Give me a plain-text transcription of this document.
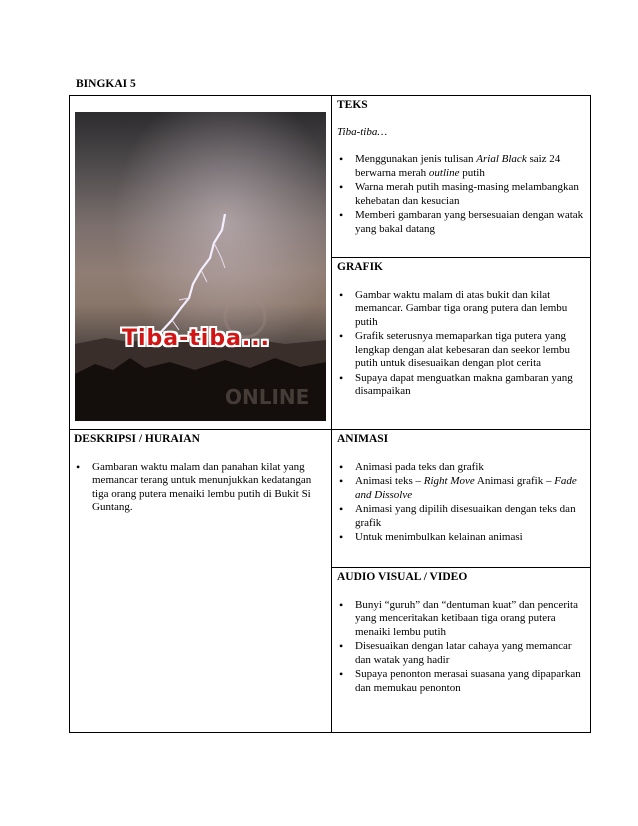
BINGKAI 5
ONLINE
Tiba-tiba...
TEKS
Tiba-tiba…
• Menggunakan jenis tulisan Arial Black saiz 24 berwarna merah outline putih
• Warna merah putih masing-masing melambangkan kehebatan dan kesucian
• Memberi gambaran yang bersesuaian dengan watak yang bakal datang
GRAFIK
• Gambar waktu malam di atas bukit dan kilat memancar. Gambar tiga orang putera dan lembu putih
• Grafik seterusnya memaparkan tiga putera yang lengkap dengan alat kebesaran dan seekor lembu putih untuk disesuaikan dengan plot cerita
• Supaya dapat menguatkan makna gambaran yang disampaikan
DESKRIPSI / HURAIAN
• Gambaran waktu malam dan panahan kilat yang memancar terang untuk menunjukkan kedatangan tiga orang putera menaiki lembu putih di Bukit Si Guntang.
ANIMASI
• Animasi pada teks dan grafik
• Animasi teks – Right Move Animasi grafik – Fade and Dissolve
• Animasi yang dipilih disesuaikan dengan teks dan grafik
• Untuk menimbulkan kelainan animasi
AUDIO VISUAL / VIDEO
• Bunyi “guruh” dan “dentuman kuat” dan pencerita yang menceritakan ketibaan tiga orang putera menaiki lembu putih
• Disesuaikan dengan latar cahaya yang memancar dan watak yang hadir
• Supaya penonton merasai suasana yang dipaparkan dan memukau penonton
